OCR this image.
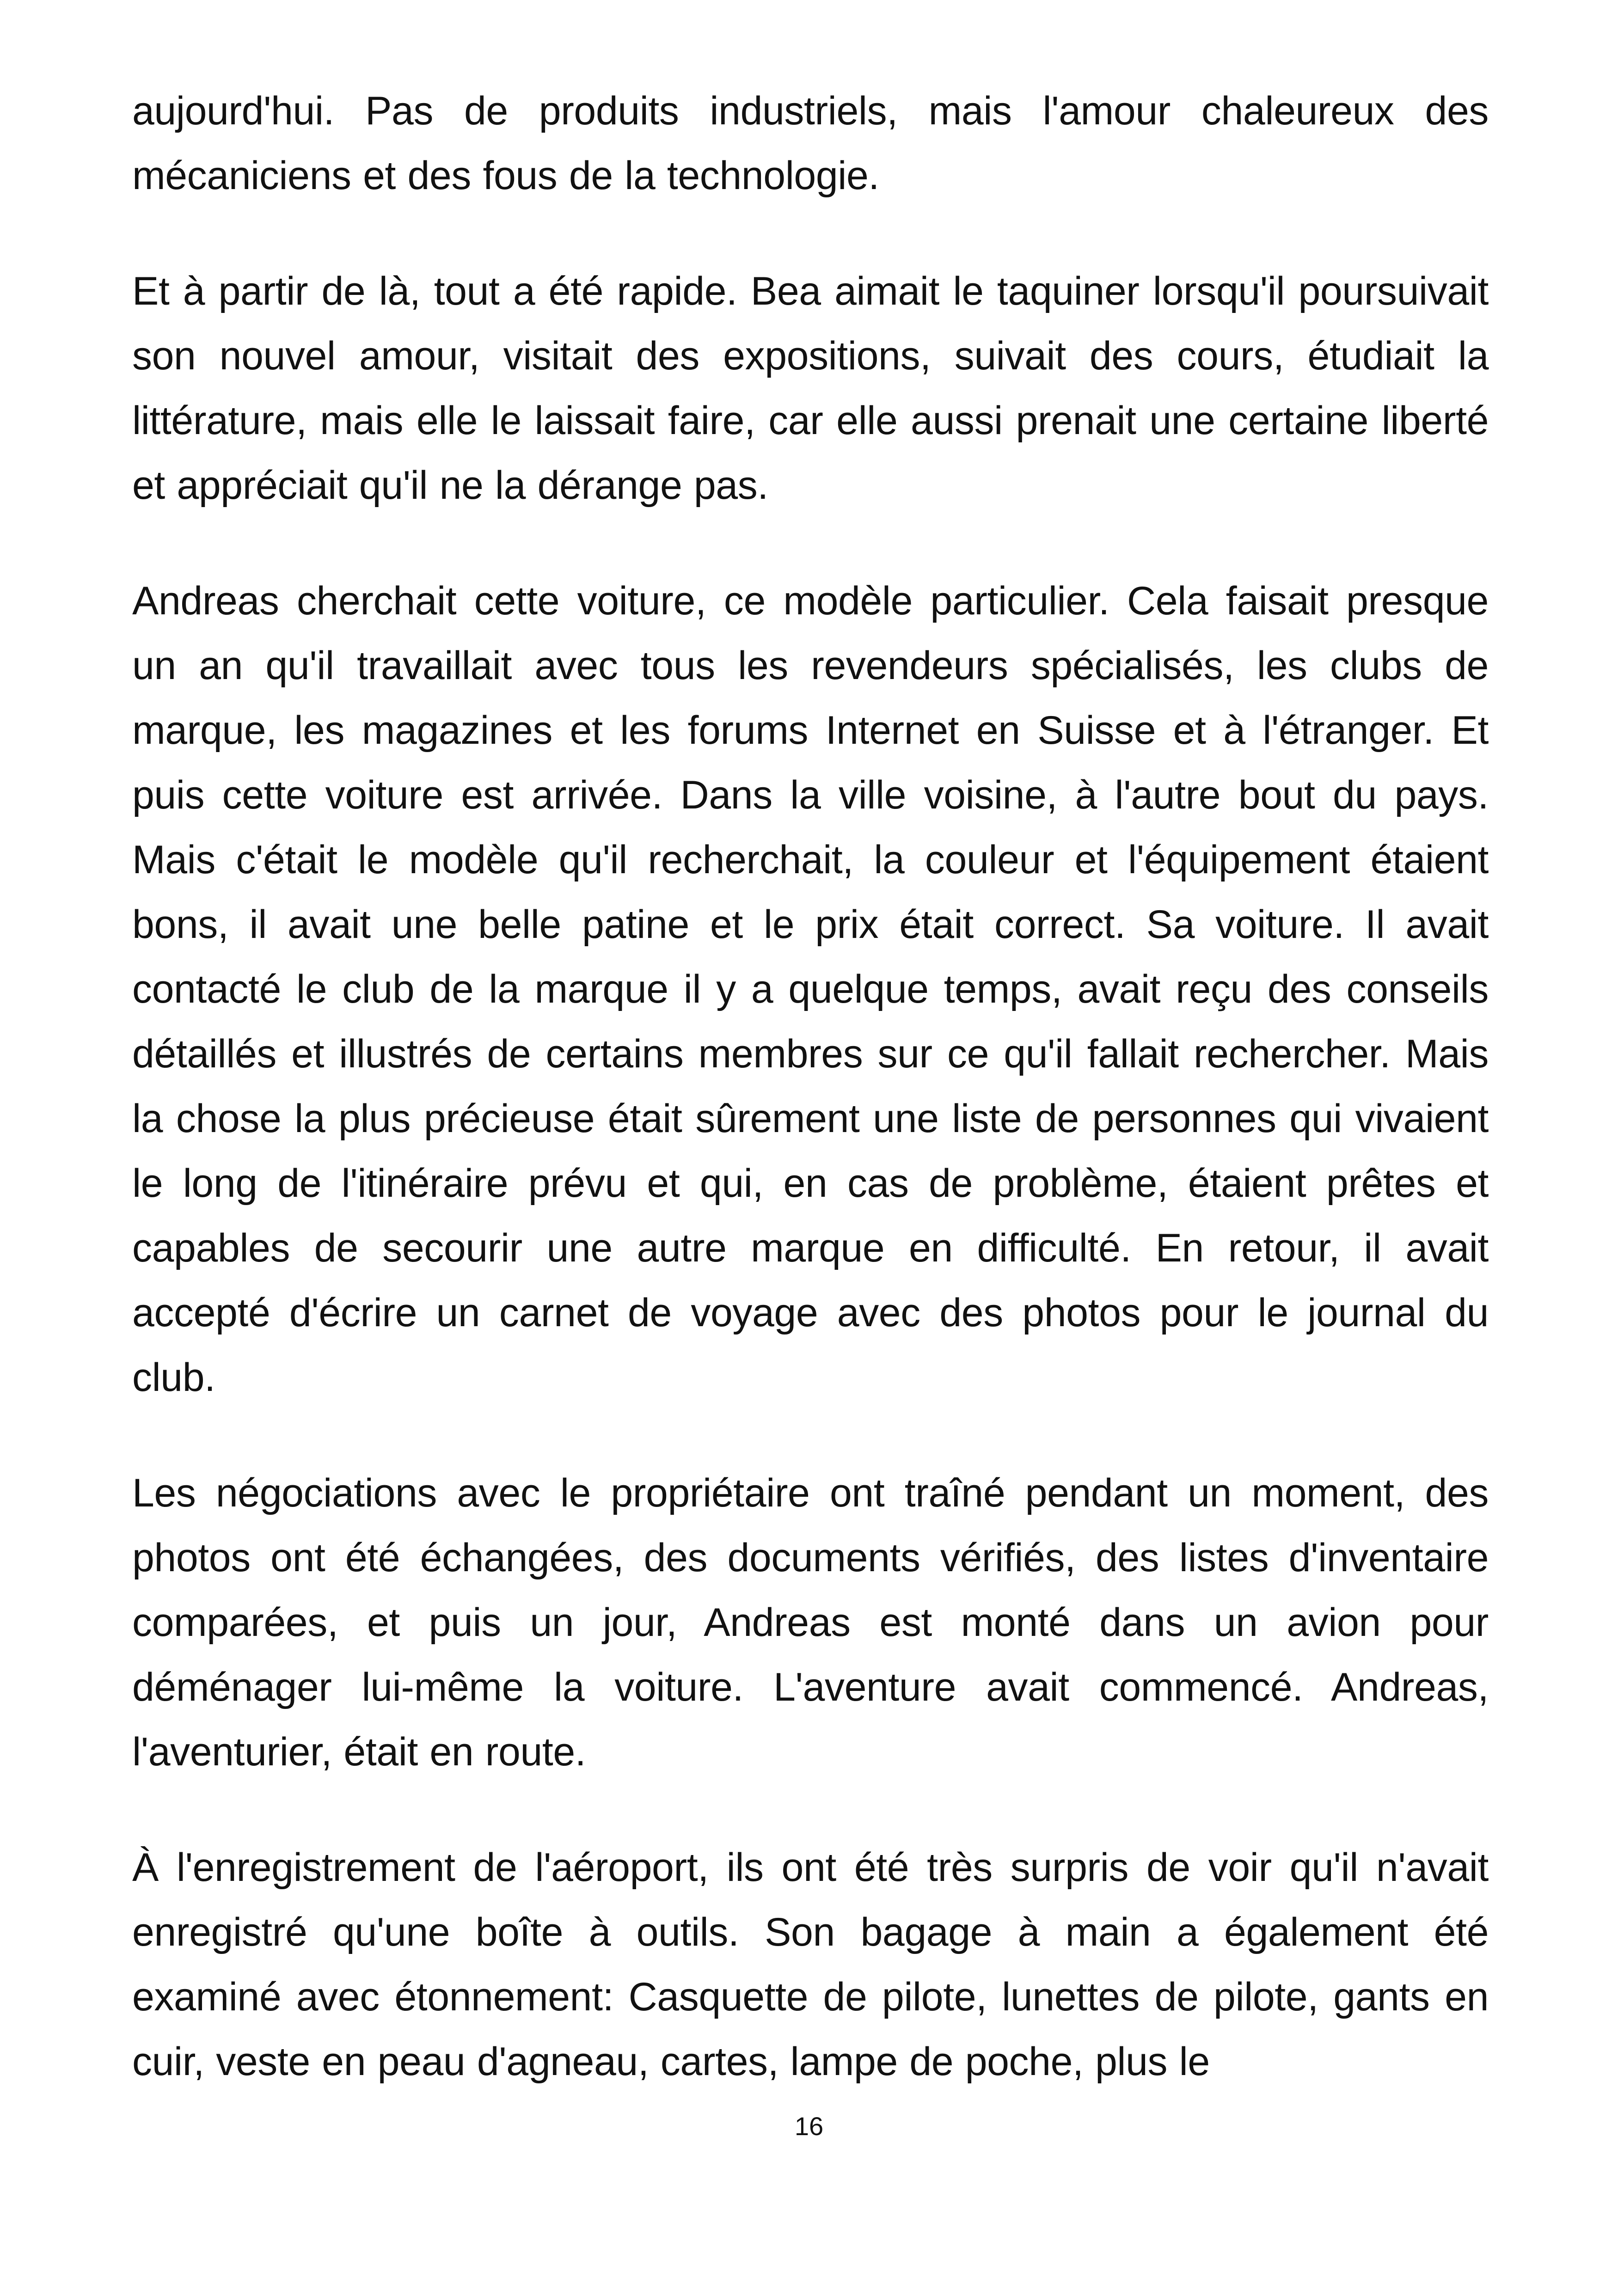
aujourd'hui. Pas de produits industriels, mais l'amour chaleureux des mécaniciens et des fous de la technologie.

Et à partir de là, tout a été rapide. Bea aimait le taquiner lorsqu'il poursuivait son nouvel amour, visitait des expositions, suivait des cours, étudiait la littérature, mais elle le laissait faire, car elle aussi prenait une certaine liberté et appréciait qu'il ne la dérange pas.

Andreas cherchait cette voiture, ce modèle particulier. Cela faisait presque un an qu'il travaillait avec tous les revendeurs spécialisés, les clubs de marque, les magazines et les forums Internet en Suisse et à l'étranger. Et puis cette voiture est arrivée. Dans la ville voisine, à l'autre bout du pays. Mais c'était le modèle qu'il recherchait, la couleur et l'équipement étaient bons, il avait une belle patine et le prix était correct. Sa voiture. Il avait contacté le club de la marque il y a quelque temps, avait reçu des conseils détaillés et illustrés de certains membres sur ce qu'il fallait rechercher. Mais la chose la plus précieuse était sûrement une liste de personnes qui vivaient le long de l'itinéraire prévu et qui, en cas de problème, étaient prêtes et capables de secourir une autre marque en difficulté. En retour, il avait accepté d'écrire un carnet de voyage avec des photos pour le journal du club.

Les négociations avec le propriétaire ont traîné pendant un moment, des photos ont été échangées, des documents vérifiés, des listes d'inventaire comparées, et puis un jour, Andreas est monté dans un avion pour déménager lui-même la voiture. L'aventure avait commencé. Andreas, l'aventurier, était en route.

À l'enregistrement de l'aéroport, ils ont été très surpris de voir qu'il n'avait enregistré qu'une boîte à outils. Son bagage à main a également été examiné avec étonnement: Casquette de pilote, lunettes de pilote, gants en cuir, veste en peau d'agneau, cartes, lampe de poche, plus le

16
